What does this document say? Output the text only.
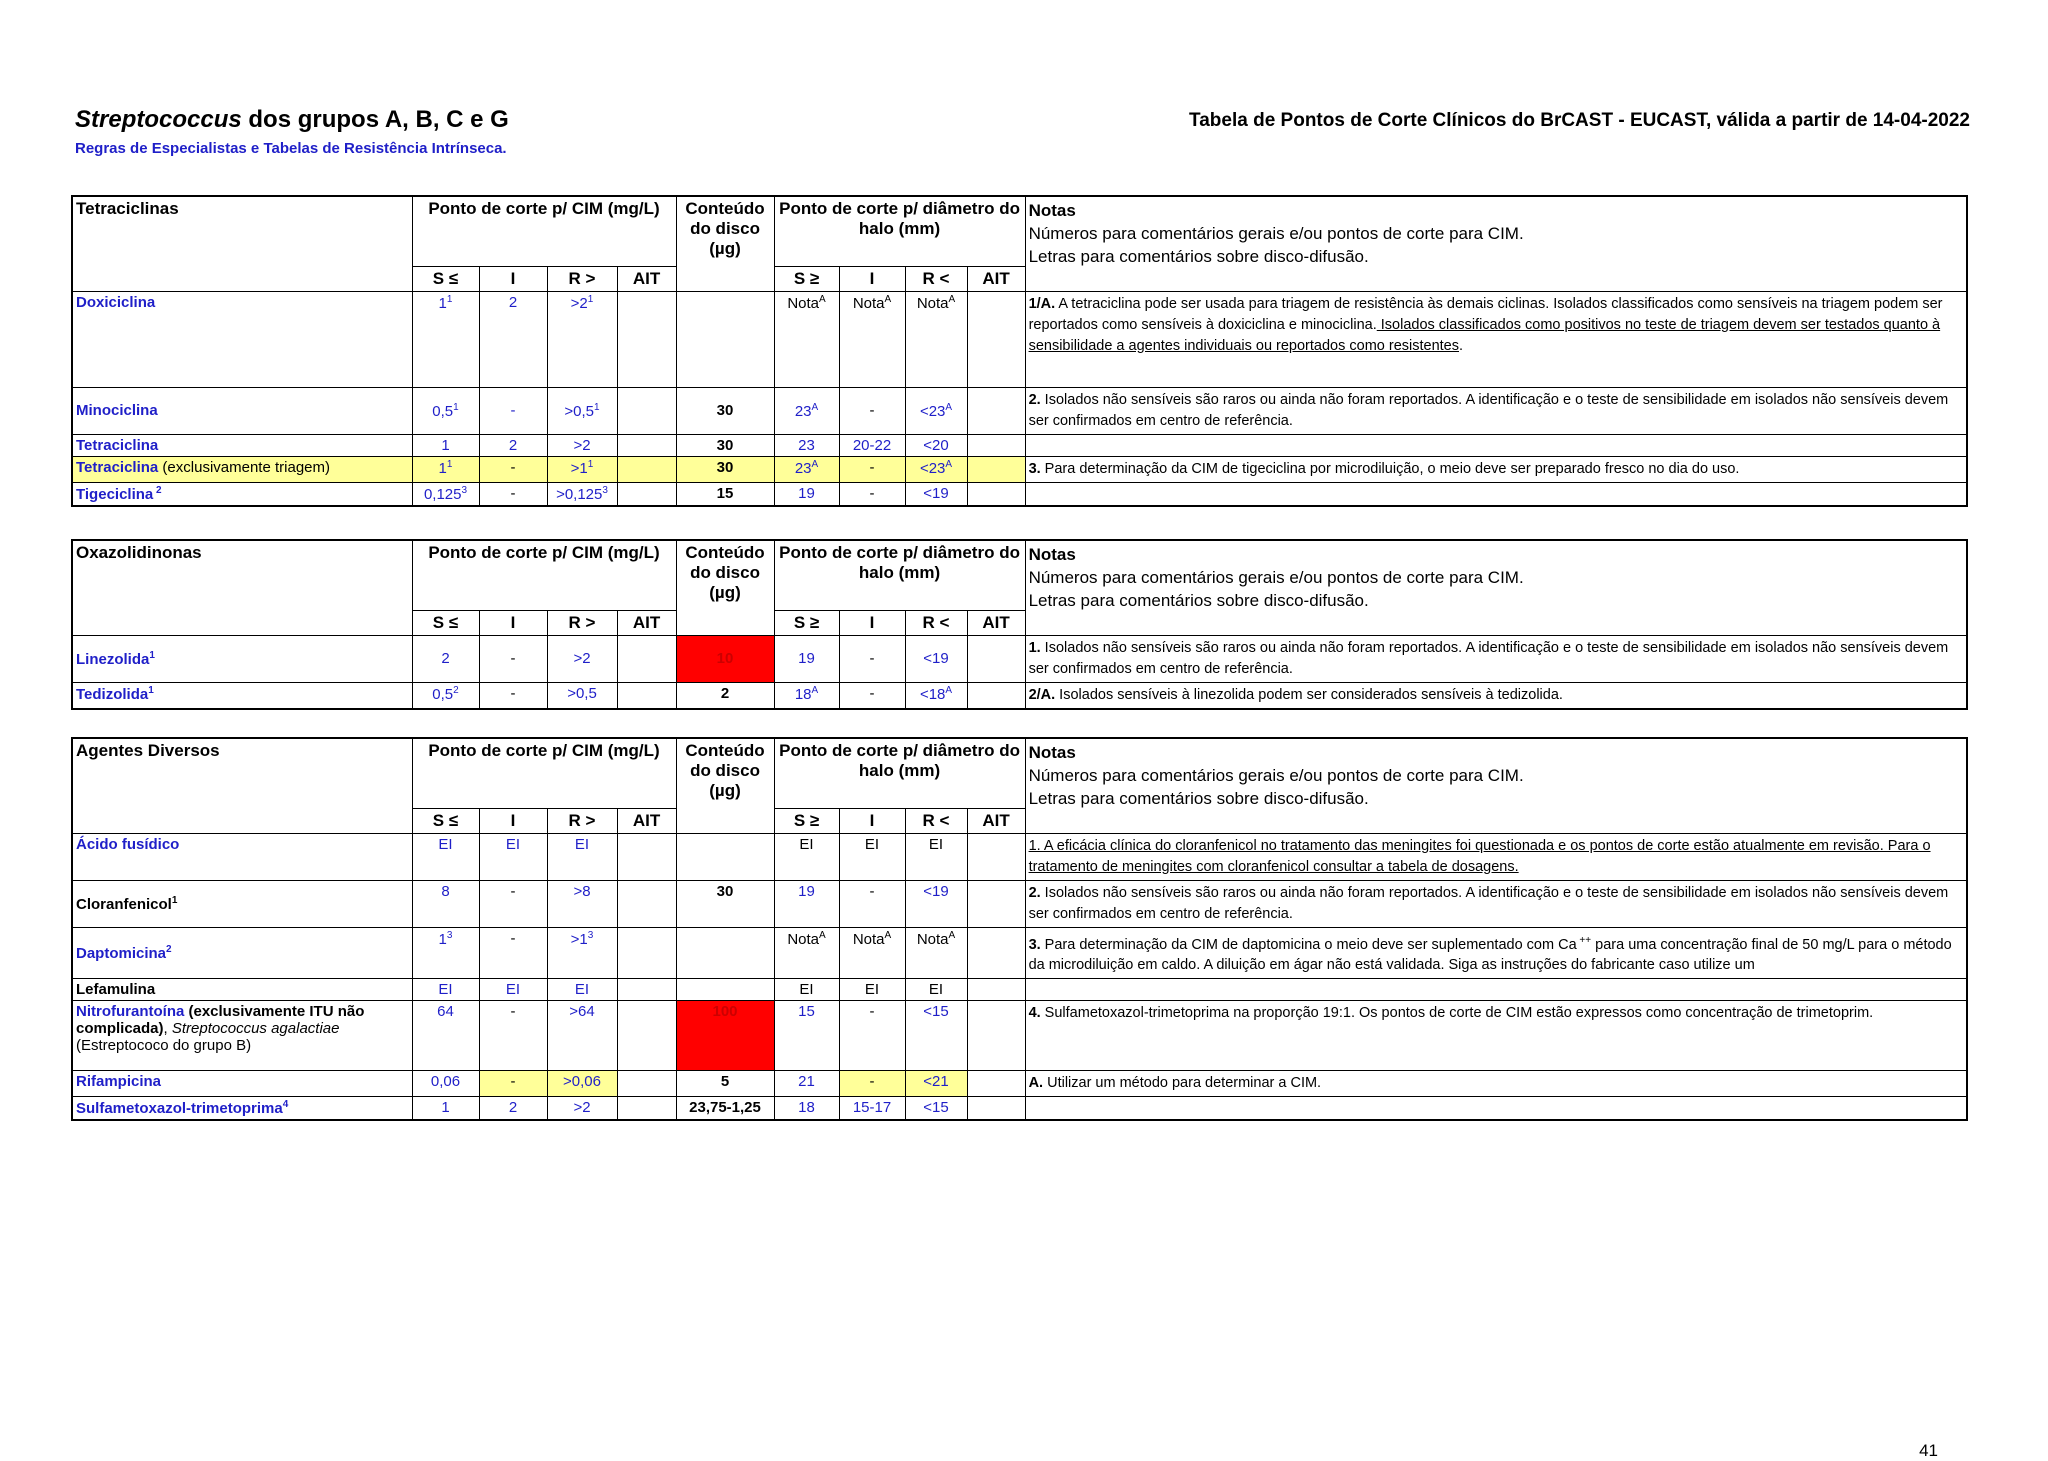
Streptococcus dos grupos A, B, C e G
Regras de Especialistas e Tabelas de Resistência Intrínseca.
Tabela de Pontos de Corte Clínicos do BrCAST - EUCAST, válida a partir de 14-04-2022
Tetraciclinas	Ponto de corte p/ CIM (mg/L)				Conteúdo do disco (µg)	Ponto de corte p/ diâmetro do halo (mm)				Notas
Números para comentários gerais e/ou pontos de corte para CIM.
Letras para comentários sobre disco-difusão.
	S ≤	I	R >	AIT		S ≥	I	R <	AIT	
Doxiciclina	$1^1$	2	$>2^1$			Nota$^A$	Nota$^A$	Nota$^A$		1/A. A tetraciclina pode ser usada para triagem de resistência às demais ciclinas. Isolados classificados como sensíveis na triagem podem ser reportados como sensíveis à doxiciclina e minociclina. Isolados classificados como positivos no teste de triagem devem ser testados quanto à sensibilidade a agentes individuais ou reportados como resistentes.
Minociclina	$0,5^1$	-	$>0,5^1$		30	$23^A$	-	$<23^A$		2. Isolados não sensíveis são raros ou ainda não foram reportados. A identificação e o teste de sensibilidade em isolados não sensíveis devem ser confirmados em centro de referência.
Tetraciclina	1	2	>2		30	23	20-22	<20		
Tetraciclina (exclusivamente triagem)	$1^1$	-	$>1^1$		30	$23^A$	-	$<23^A$		3. Para determinação da CIM de tigeciclina por microdiluição, o meio deve ser preparado fresco no dia do uso.
Tigeciclina $^2$	0,125$^3$	-	$>0,125^3$		15	19	-	<19		
Oxazolidinonas	Ponto de corte p/ CIM (mg/L)				Conteúdo do disco (µg)	Ponto de corte p/ diâmetro do halo (mm)				Notas
Números para comentários gerais e/ou pontos de corte para CIM.
Letras para comentários sobre disco-difusão.
	S ≤	I	R >	AIT		S ≥	I	R <	AIT	
Linezolida$^1$	2	-	>2		10	19	-	<19		1. Isolados não sensíveis são raros ou ainda não foram reportados. A identificação e o teste de sensibilidade em isolados não sensíveis devem ser confirmados em centro de referência.
Tedizolida$^1$	$0,5^2$	-	>0,5		2	$18^A$	-	$<18^A$		2/A. Isolados sensíveis à linezolida podem ser considerados sensíveis à tedizolida.
Agentes Diversos	Ponto de corte p/ CIM (mg/L)				Conteúdo do disco (µg)	Ponto de corte p/ diâmetro do halo (mm)				Notas
Números para comentários gerais e/ou pontos de corte para CIM.
Letras para comentários sobre disco-difusão.
	S ≤	I	R >	AIT		S ≥	I	R <	AIT	
Ácido fusídico	EI	EI	EI			EI	EI	EI		1. A eficácia clínica do cloranfenicol no tratamento das meningites foi questionada e os pontos de corte estão atualmente em revisão. Para o tratamento de meningites com cloranfenicol consultar a tabela de dosagens.
Cloranfenicol$^1$	8	-	>8		30	19	-	<19		2. Isolados não sensíveis são raros ou ainda não foram reportados. A identificação e o teste de sensibilidade em isolados não sensíveis devem ser confirmados em centro de referência.
Daptomicina$^2$	$1^3$	-	$>1^3$			Nota$^A$	Nota$^A$	Nota$^A$		3. Para determinação da CIM de daptomicina o meio deve ser suplementado com Ca ++ para uma concentração final de 50 mg/L para o método da microdiluição em caldo. A diluição em ágar não está validada. Siga as instruções do fabricante caso utilize um
Lefamulina	EI	EI	EI			EI	EI	EI		
Nitrofurantoína (exclusivamente ITU não complicada), Streptococcus agalactiae (Estreptococo do grupo B)	64	-	>64		100	15	-	<15		4. Sulfametoxazol-trimetoprima na proporção 19:1. Os pontos de corte de CIM estão expressos como concentração de trimetoprim.
Rifampicina	0,06	-	>0,06		5	21	-	<21		A. Utilizar um método para determinar a CIM.
Sulfametoxazol-trimetoprima$^4$	1	2	>2		23,75-1,25	18	15-17	<15		
41
